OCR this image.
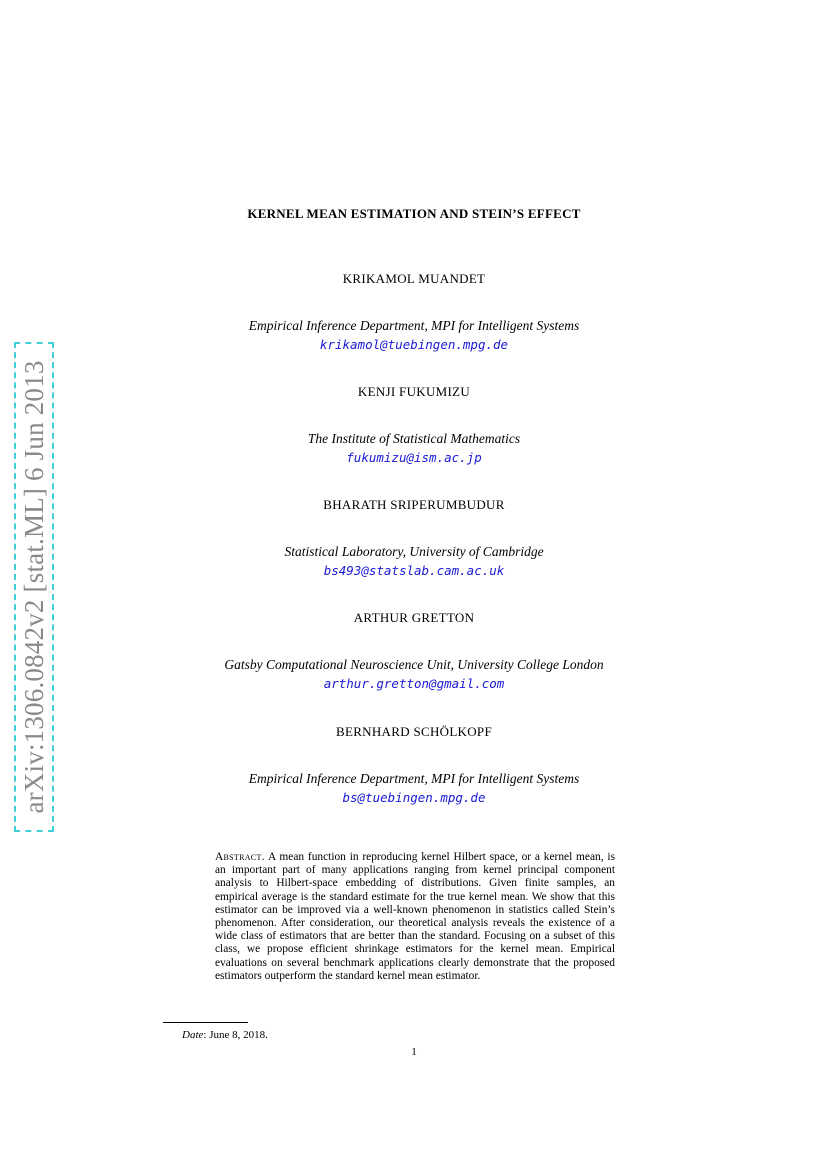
arXiv:1306.0842v2 [stat.ML] 6 Jun 2013
KERNEL MEAN ESTIMATION AND STEIN’S EFFECT
KRIKAMOL MUANDET
Empirical Inference Department, MPI for Intelligent Systems
krikamol@tuebingen.mpg.de
KENJI FUKUMIZU
The Institute of Statistical Mathematics
fukumizu@ism.ac.jp
BHARATH SRIPERUMBUDUR
Statistical Laboratory, University of Cambridge
bs493@statslab.cam.ac.uk
ARTHUR GRETTON
Gatsby Computational Neuroscience Unit, University College London
arthur.gretton@gmail.com
BERNHARD SCHÖLKOPF
Empirical Inference Department, MPI for Intelligent Systems
bs@tuebingen.mpg.de
Abstract. A mean function in reproducing kernel Hilbert space, or a kernel mean, is an important part of many applications ranging from kernel principal component analysis to Hilbert-space embedding of distributions. Given finite samples, an empirical average is the standard estimate for the true kernel mean. We show that this estimator can be improved via a well-known phenomenon in statistics called Stein’s phenomenon. After consideration, our theoretical analysis reveals the existence of a wide class of estimators that are better than the standard. Focusing on a subset of this class, we propose efficient shrinkage estimators for the kernel mean. Empirical evaluations on several benchmark applications clearly demonstrate that the proposed estimators outperform the standard kernel mean estimator.
Date: June 8, 2018.
1
